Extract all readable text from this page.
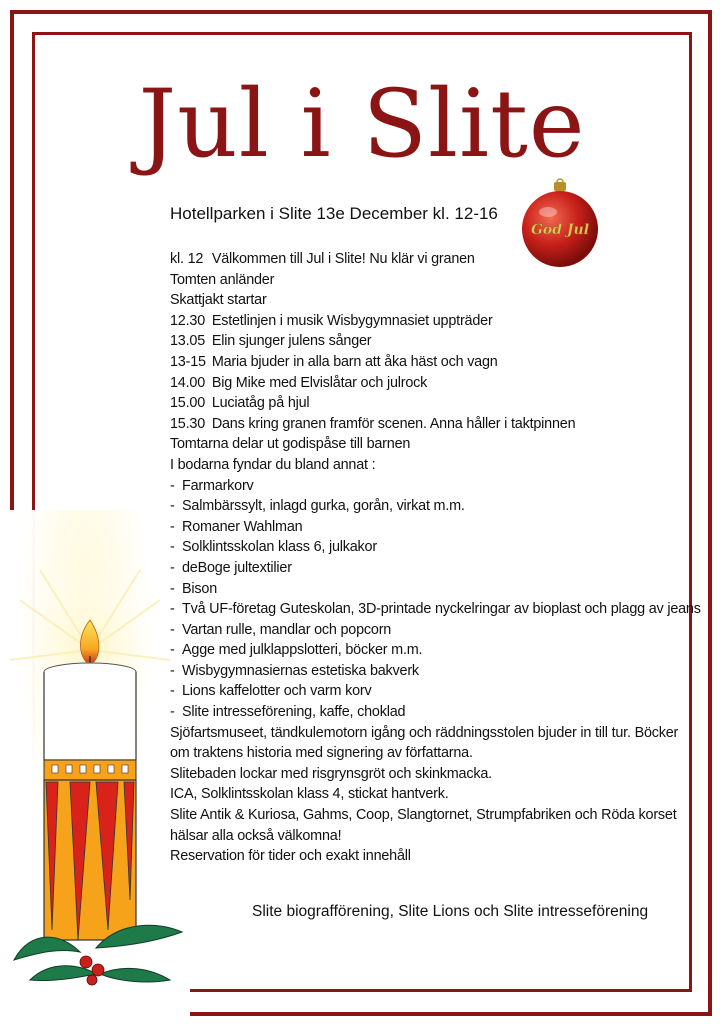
Jul i Slite
Hotellparken i Slite 13e December kl. 12-16
God Jul
kl. 12 Välkommen till Jul i Slite! Nu klär vi granen
Tomten anländer
Skattjakt startar
12.30 Estetlinjen i musik Wisbygymnasiet uppträder
13.05 Elin sjunger julens sånger
13-15 Maria bjuder in alla barn att åka häst och vagn
14.00 Big Mike med Elvislåtar och julrock
15.00 Luciatåg på hjul
15.30 Dans kring granen framför scenen. Anna håller i taktpinnen
Tomtarna delar ut godispåse till barnen
I bodarna fyndar du bland annat :
- Farmarkorv
- Salmbärssylt, inlagd gurka, gorån, virkat m.m.
- Romaner Wahlman
- Solklintsskolan klass 6, julkakor
- deBoge jultextilier
- Bison
- Två UF-företag Guteskolan, 3D-printade nyckelringar av bioplast och plagg av jeans
- Vartan rulle, mandlar och popcorn
- Agge med julklappslotteri, böcker m.m.
- Wisbygymnasiernas estetiska bakverk
- Lions kaffelotter och varm korv
- Slite intresseförening, kaffe, choklad
Sjöfartsmuseet, tändkulemotorn igång och räddningsstolen bjuder in till tur. Böcker om traktens historia med signering av författarna.
Slitebaden lockar med risgrynsgröt och skinkmacka.
ICA, Solklintsskolan klass 4, stickat hantverk.
Slite Antik & Kuriosa, Gahms, Coop, Slangtornet, Strumpfabriken och Röda korset hälsar alla också välkomna!
Reservation för tider och exakt innehåll
Slite biografförening, Slite Lions och Slite intresseförening
